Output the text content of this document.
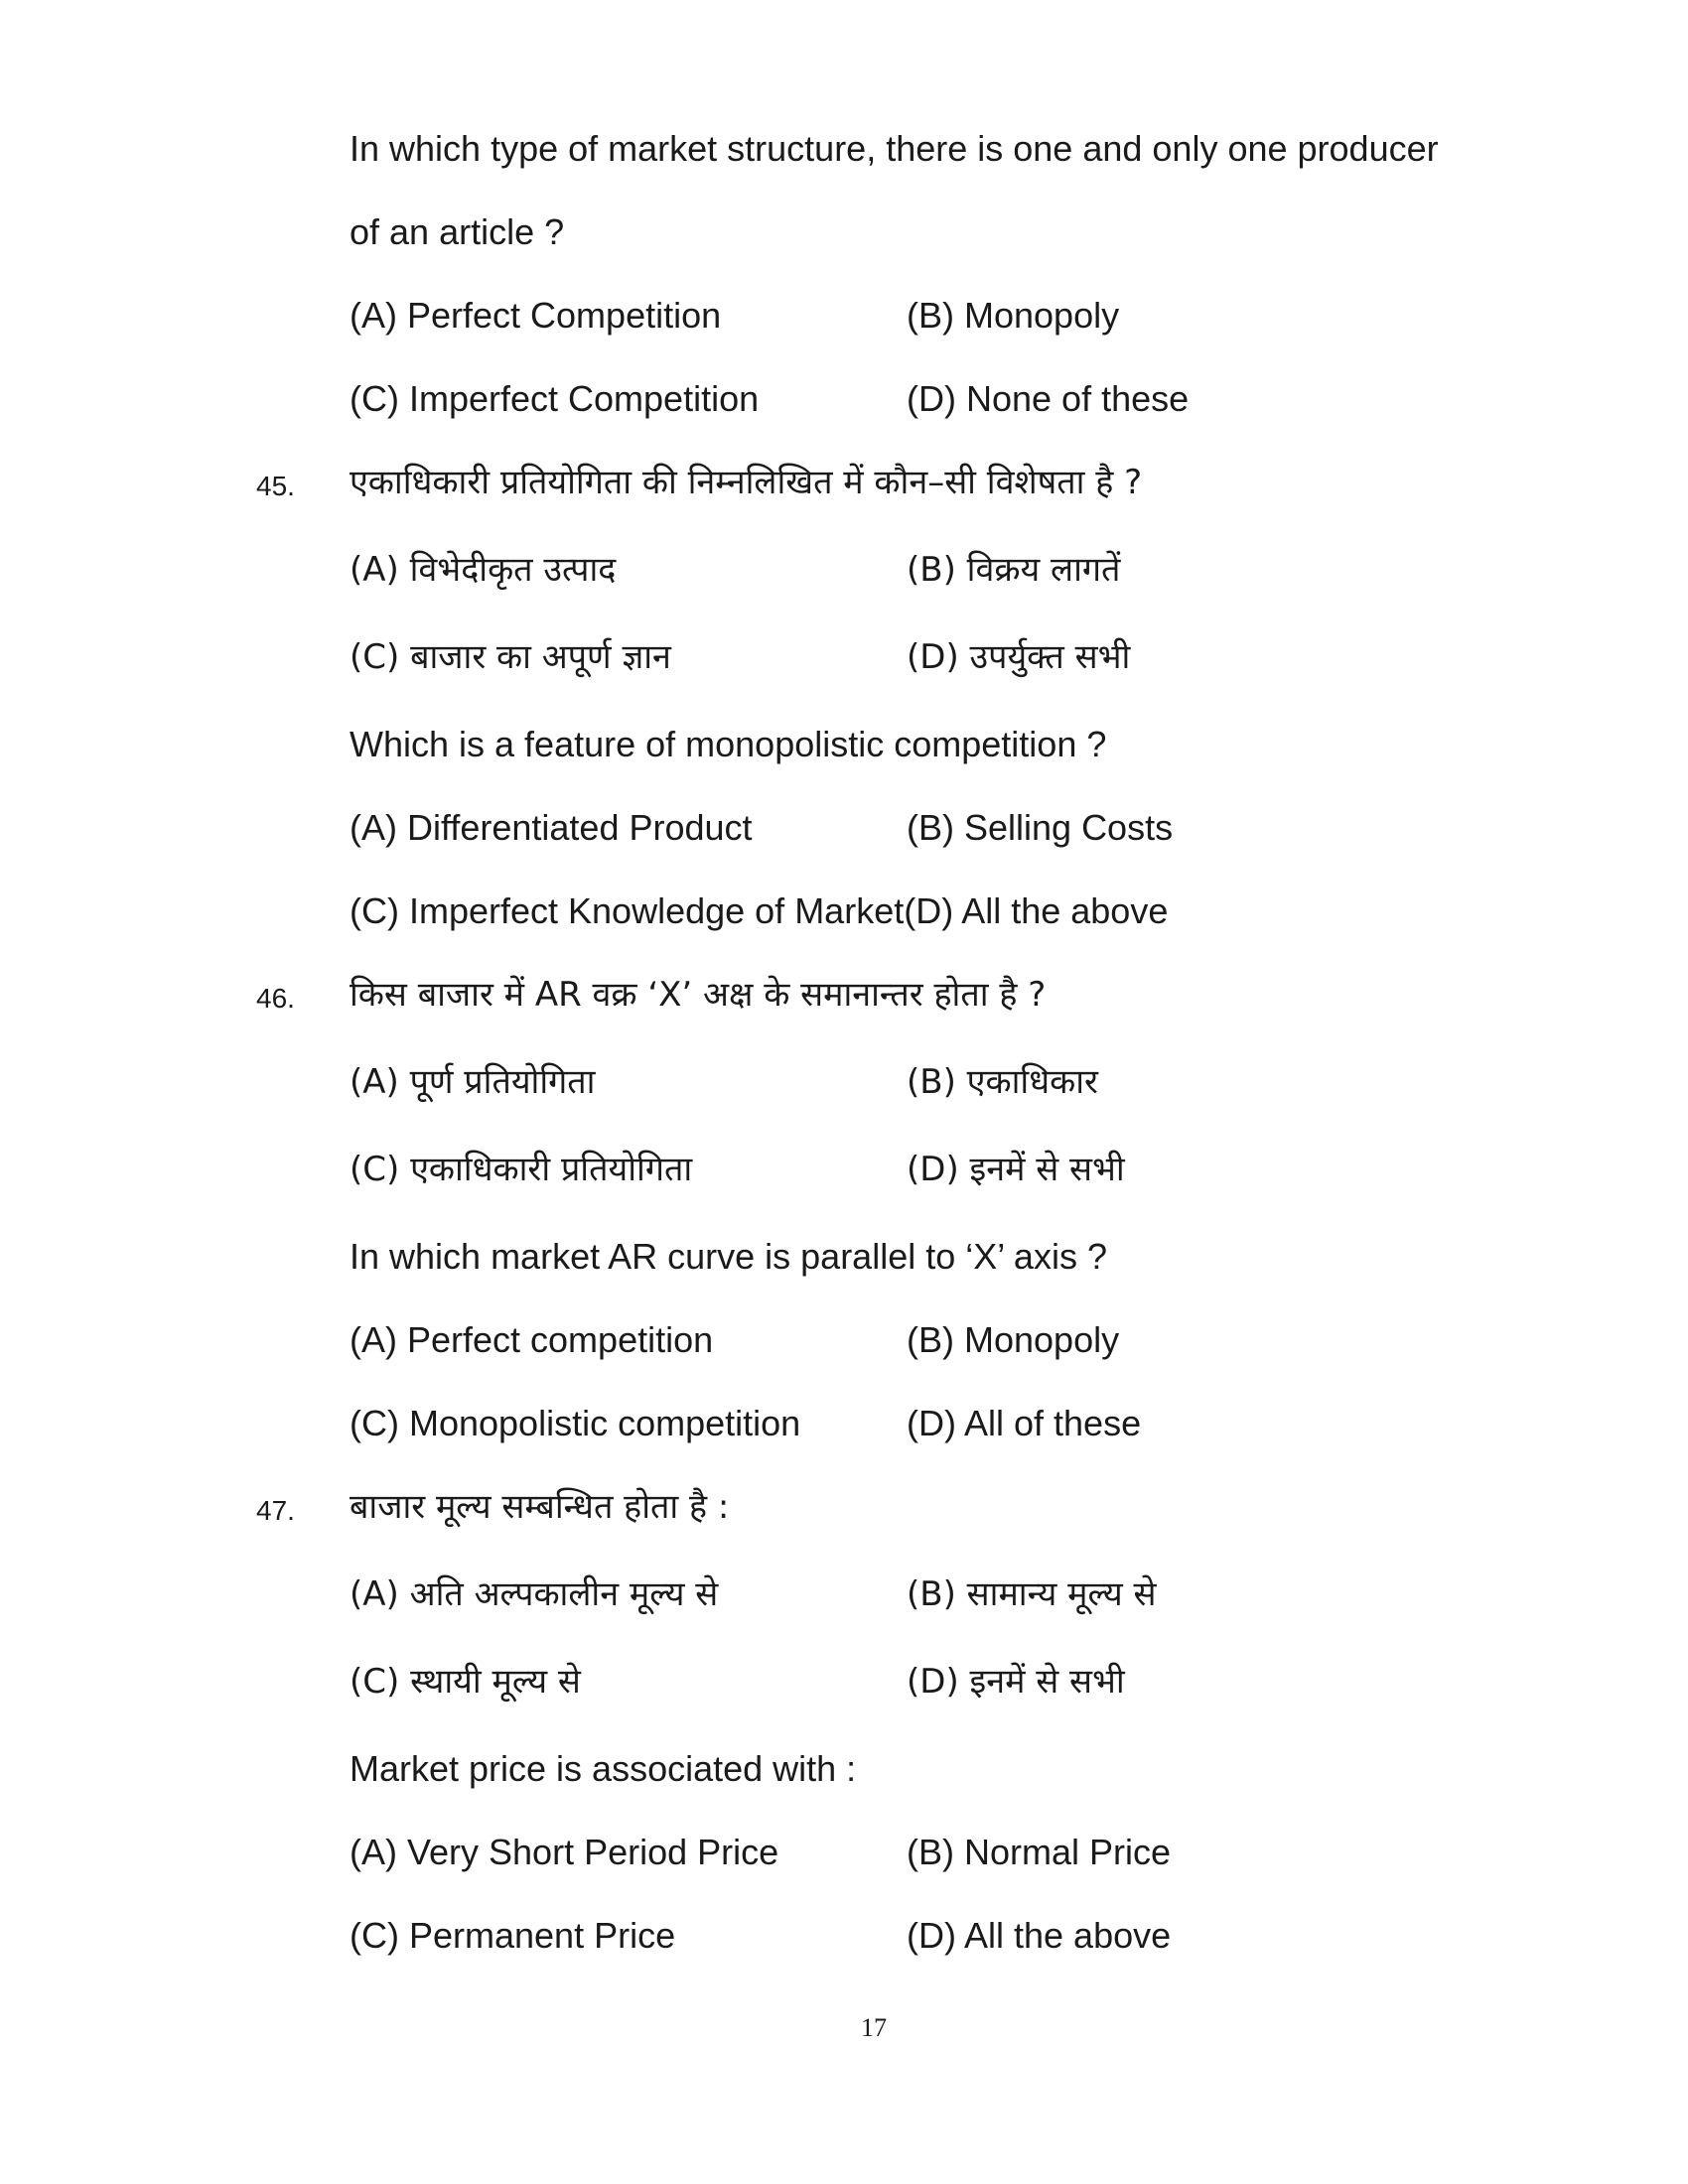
In which type of market structure, there is one and only one producer
of an article ?
(A) Perfect Competition	(B) Monopoly
(C) Imperfect Competition	(D) None of these
45. एकाधिकारी प्रतियोगिता की निम्नलिखित में कौन–सी विशेषता है ?
(A) विभेदीकृत उत्पाद	(B) विक्रय लागतें
(C) बाजार का अपूर्ण ज्ञान	(D) उपर्युक्त सभी
Which is a feature of monopolistic competition ?
(A) Differentiated Product	(B) Selling Costs
(C) Imperfect Knowledge of Market(D) All the above
46. किस बाजार में AR वक्र ‘X’ अक्ष के समानान्तर होता है ?
(A) पूर्ण प्रतियोगिता	(B) एकाधिकार
(C) एकाधिकारी प्रतियोगिता	(D) इनमें से सभी
In which market AR curve is parallel to ‘X’ axis ?
(A) Perfect competition	(B) Monopoly
(C) Monopolistic competition	(D) All of these
47. बाजार मूल्य सम्बन्धित होता है :
(A) अति अल्पकालीन मूल्य से	(B) सामान्य मूल्य से
(C) स्थायी मूल्य से	(D) इनमें से सभी
Market price is associated with :
(A) Very Short Period Price	(B) Normal Price
(C) Permanent Price	(D) All the above
17
